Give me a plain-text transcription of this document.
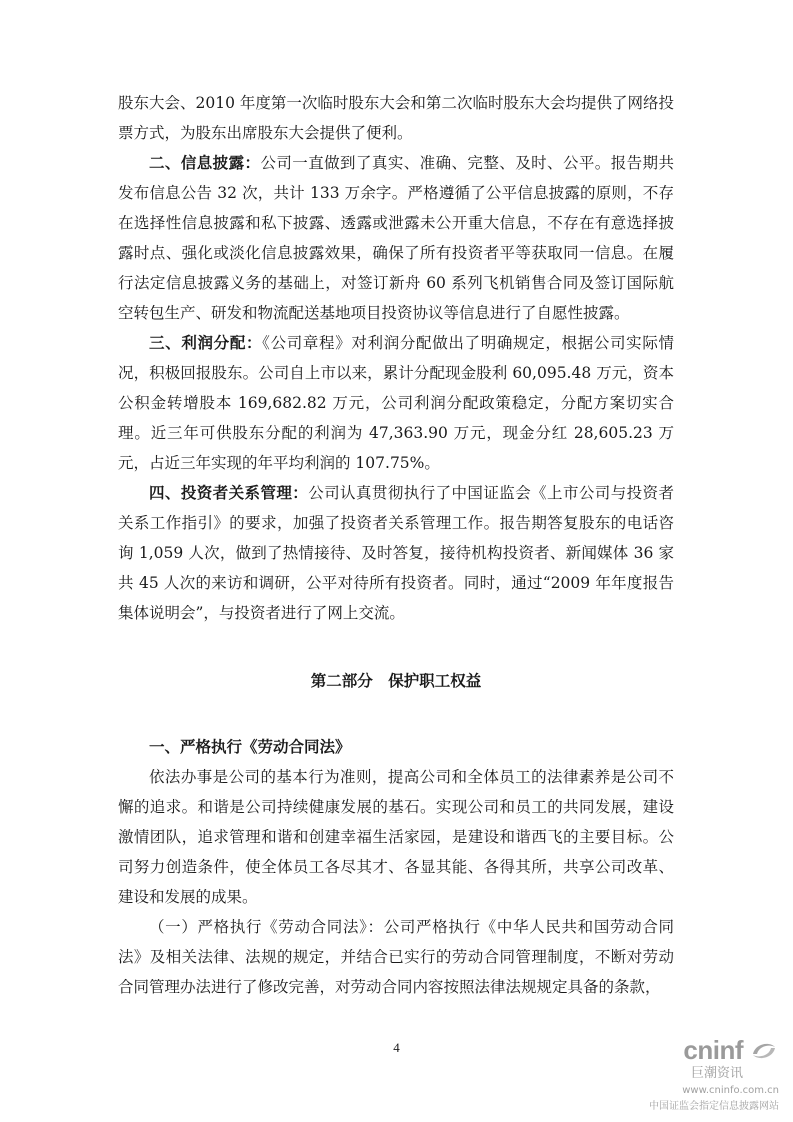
股东大会、2010 年度第一次临时股东大会和第二次临时股东大会均提供了网络投票方式，为股东出席股东大会提供了便利。

二、信息披露：公司一直做到了真实、准确、完整、及时、公平。报告期共发布信息公告 32 次，共计 133 万余字。严格遵循了公平信息披露的原则，不存在选择性信息披露和私下披露、透露或泄露未公开重大信息，不存在有意选择披露时点、强化或淡化信息披露效果，确保了所有投资者平等获取同一信息。在履行法定信息披露义务的基础上，对签订新舟 60 系列飞机销售合同及签订国际航空转包生产、研发和物流配送基地项目投资协议等信息进行了自愿性披露。

三、利润分配：《公司章程》对利润分配做出了明确规定，根据公司实际情况，积极回报股东。公司自上市以来，累计分配现金股利 60,095.48 万元，资本公积金转增股本 169,682.82 万元，公司利润分配政策稳定，分配方案切实合理。近三年可供股东分配的利润为 47,363.90 万元，现金分红 28,605.23 万元，占近三年实现的年平均利润的 107.75%。

四、投资者关系管理：公司认真贯彻执行了中国证监会《上市公司与投资者关系工作指引》的要求，加强了投资者关系管理工作。报告期答复股东的电话咨询 1,059 人次，做到了热情接待、及时答复，接待机构投资者、新闻媒体 36 家共 45 人次的来访和调研，公平对待所有投资者。同时，通过“2009 年年度报告集体说明会”，与投资者进行了网上交流。

第二部分　保护职工权益

一、严格执行《劳动合同法》

依法办事是公司的基本行为准则，提高公司和全体员工的法律素养是公司不懈的追求。和谐是公司持续健康发展的基石。实现公司和员工的共同发展，建设激情团队，追求管理和谐和创建幸福生活家园，是建设和谐西飞的主要目标。公司努力创造条件，使全体员工各尽其才、各显其能、各得其所，共享公司改革、建设和发展的成果。

（一）严格执行《劳动合同法》：公司严格执行《中华人民共和国劳动合同法》及相关法律、法规的规定，并结合已实行的劳动合同管理制度，不断对劳动合同管理办法进行了修改完善，对劳动合同内容按照法律法规规定具备的条款，

4	cninf
巨潮资讯
www.cninfo.com.cn
中国证监会指定信息披露网站
